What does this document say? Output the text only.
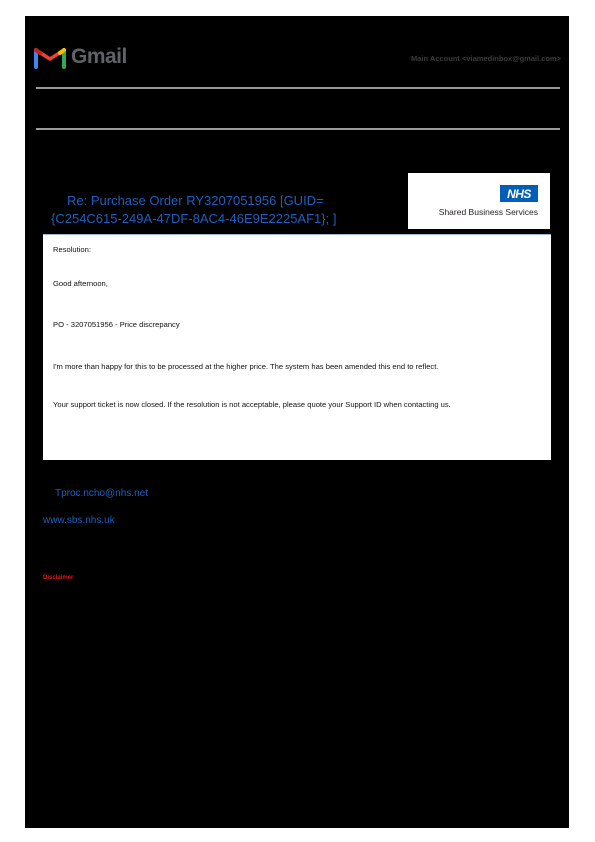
Gmail	Main Account <viamedinbox@gmail.com>
Re: Purchase Order RY3207051956 [GUID=
{C254C615-249A-47DF-8AC4-46E9E2225AF1}; ]
NHS
Shared Business Services

Resolution:

Good afternoon,

PO - 3207051956 - Price discrepancy

I'm more than happy for this to be processed at the higher price. The system has been amended this end to reflect.

Your support ticket is now closed. If the resolution is not acceptable, please quote your Support ID when contacting us.

Tproc.ncho@nhs.net
www.sbs.nhs.uk
Disclaimer
